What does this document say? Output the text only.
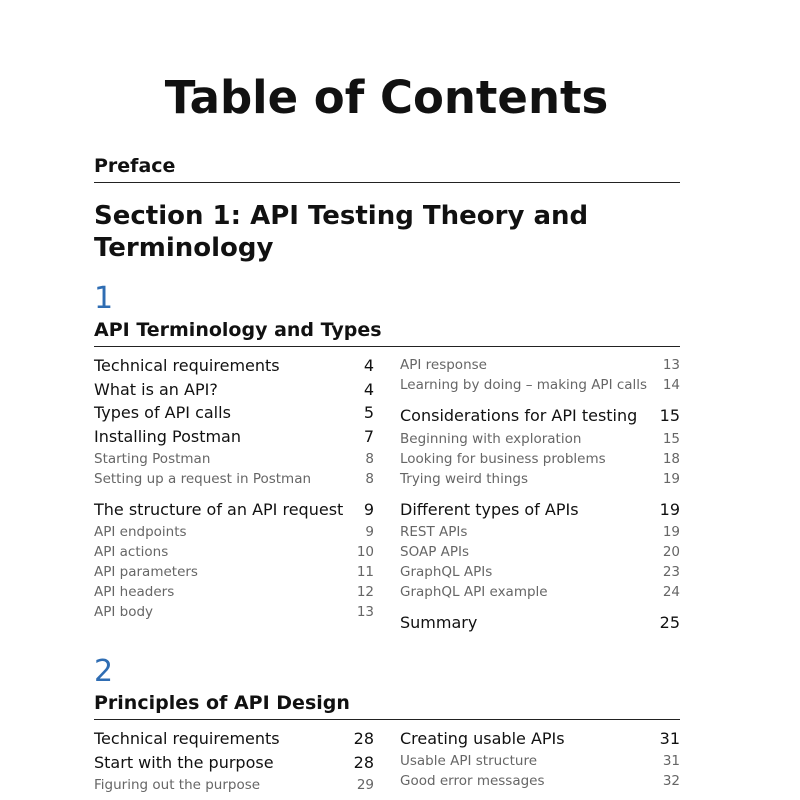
Table of Contents
Preface
Section 1: API Testing Theory and Terminology
1
API Terminology and Types
Technical requirements	4
What is an API?	4
Types of API calls	5
Installing Postman	7
Starting Postman	8
Setting up a request in Postman	8
The structure of an API request 9
API endpoints	9
API actions	10
API parameters	11
API headers	12
API body	13
API response	13
Learning by doing – making API calls 14
Considerations for API testing 15
Beginning with exploration	15
Looking for business problems	18
Trying weird things	19
Different types of APIs	19
REST APIs	19
SOAP APIs	20
GraphQL APIs	23
GraphQL API example	24
Summary	25
2
Principles of API Design
Technical requirements	28
Start with the purpose	28
Figuring out the purpose	29
Creating usable APIs	31
Usable API structure	31
Good error messages	32
